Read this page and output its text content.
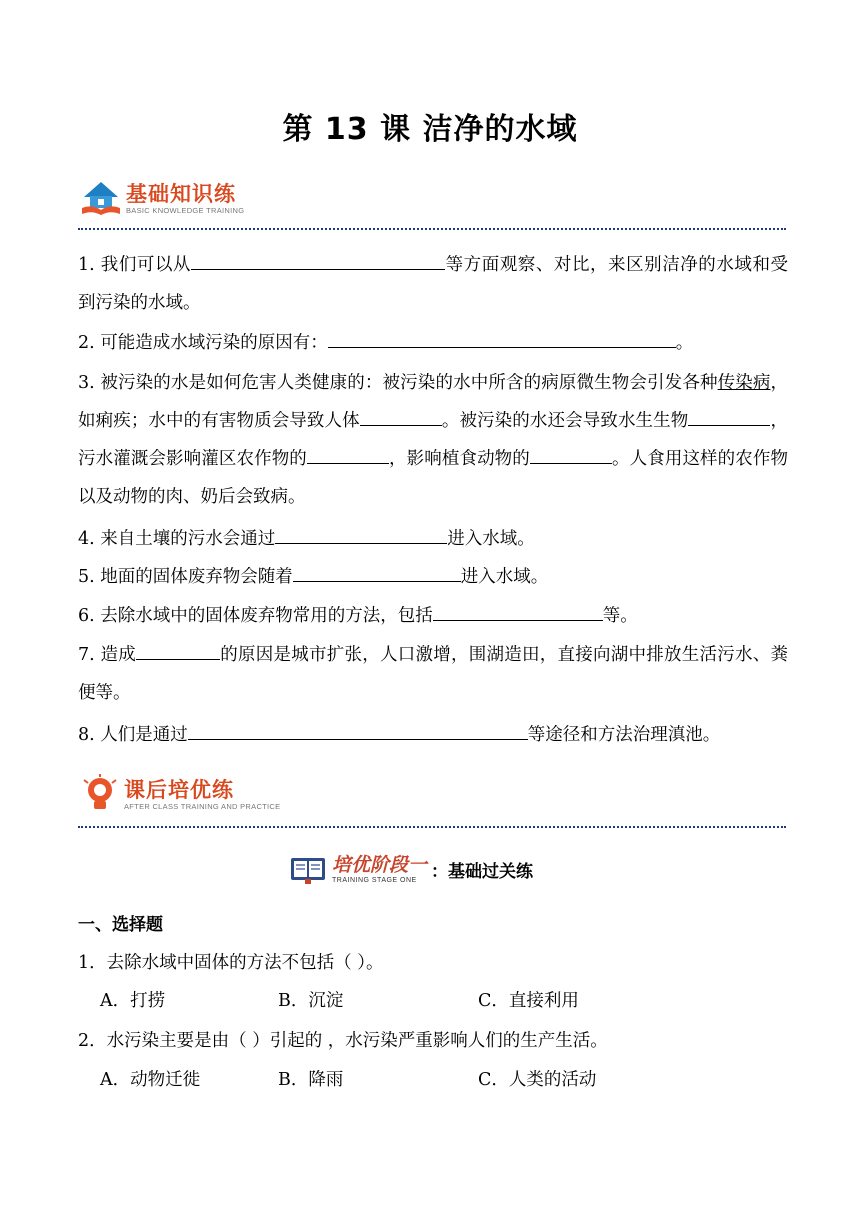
第 13 课 洁净的水域
基础知识练
BASIC KNOWLEDGE TRAINING

1. 我们可以从	等方面观察、对比，来区别洁净的水域和受到污染的水域。

2. 可能造成水域污染的原因有：	。

3. 被污染的水是如何危害人类健康的：被污染的水中所含的病原微生物会引发各种传染病，如痢疾；水中的有害物质会导致人体	。被污染的水还会导致水生生物	，污水灌溉会影响灌区农作物的	，影响植食动物的	。人食用这样的农作物以及动物的肉、奶后会致病。

4. 来自土壤的污水会通过	进入水域。

5. 地面的固体废弃物会随着	进入水域。

6. 去除水域中的固体废弃物常用的方法，包括	等。

7. 造成	的原因是城市扩张，人口激增，围湖造田，直接向湖中排放生活污水、粪便等。

8. 人们是通过	等途径和方法治理滇池。

课后培优练
AFTER CLASS TRAINING AND PRACTICE
培优阶段一
TRAINING STAGE ONE ：基础过关练
一、选择题
1．去除水域中固体的方法不包括（ ）。
A．打捞	B．沉淀	C．直接利用
2．水污染主要是由（ ）引起的 ，水污染严重影响人们的生产生活。
A．动物迁徙	B．降雨	C．人类的活动
